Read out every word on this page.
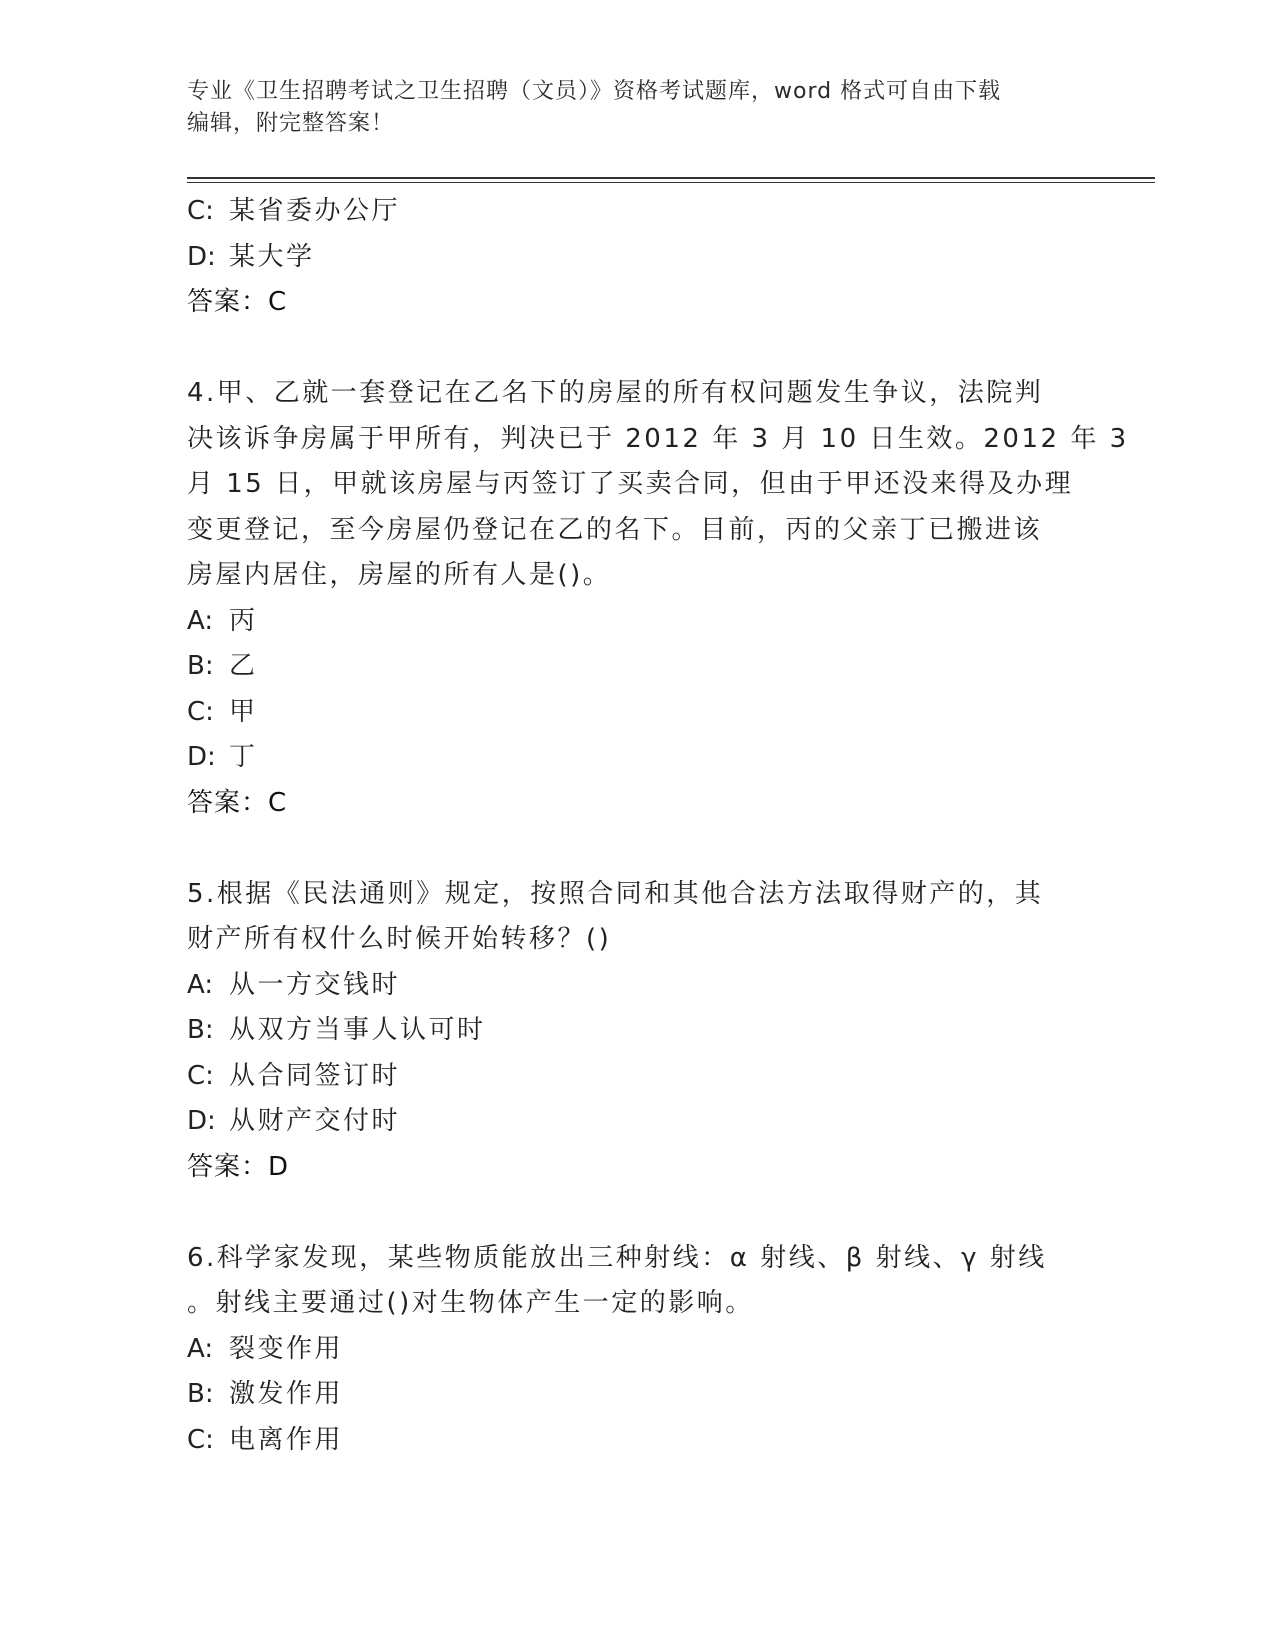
专业《卫生招聘考试之卫生招聘（文员）》资格考试题库，word 格式可自由下载
编辑，附完整答案！
C: 某省委办公厅
D: 某大学
答案：C
4.甲、乙就一套登记在乙名下的房屋的所有权问题发生争议，法院判
决该诉争房属于甲所有，判决已于 2012 年 3 月 10 日生效。2012 年 3
月 15 日，甲就该房屋与丙签订了买卖合同，但由于甲还没来得及办理
变更登记，至今房屋仍登记在乙的名下。目前，丙的父亲丁已搬进该
房屋内居住，房屋的所有人是()。
A: 丙
B: 乙
C: 甲
D: 丁
答案：C
5.根据《民法通则》规定，按照合同和其他合法方法取得财产的，其
财产所有权什么时候开始转移？()
A: 从一方交钱时
B: 从双方当事人认可时
C: 从合同签订时
D: 从财产交付时
答案：D
6.科学家发现，某些物质能放出三种射线：α 射线、β 射线、γ 射线
。射线主要通过()对生物体产生一定的影响。
A: 裂变作用
B: 激发作用
C: 电离作用
